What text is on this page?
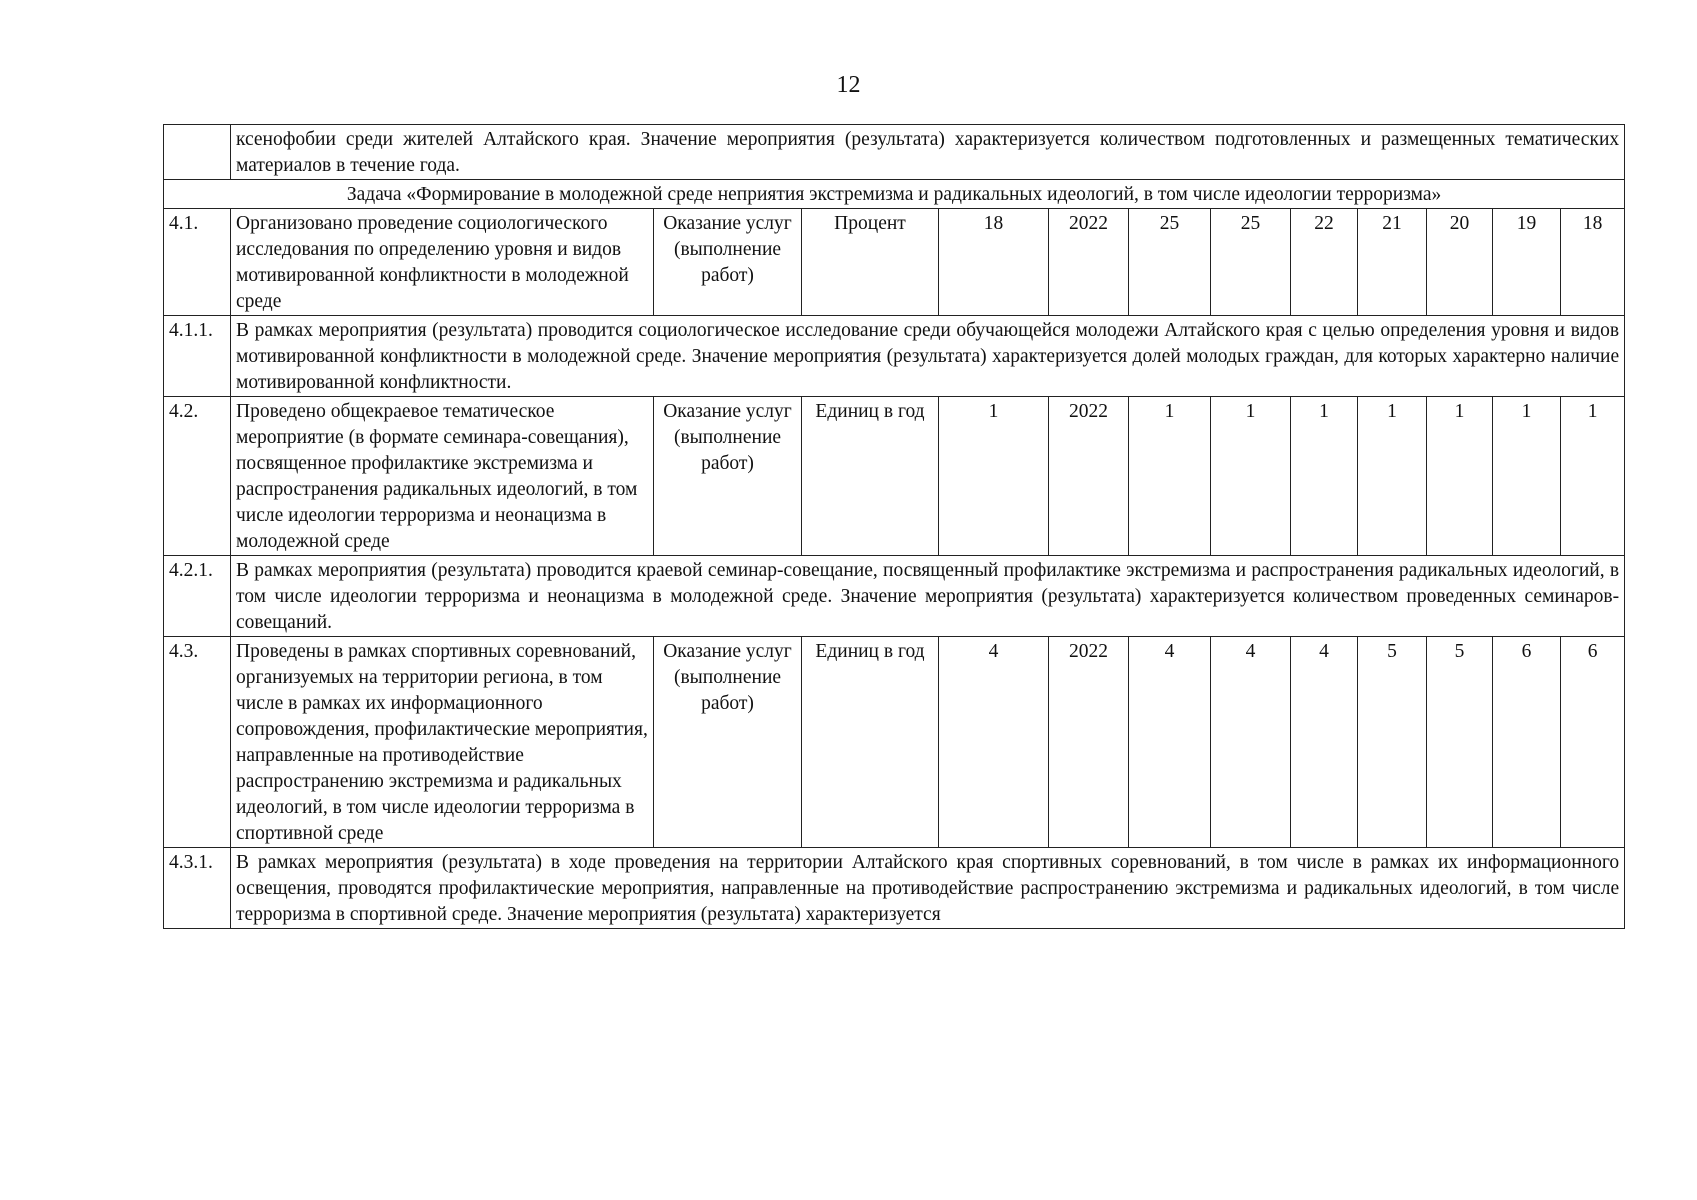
12
	ксенофобии среди жителей Алтайского края. Значение мероприятия (результата) характеризуется количеством подготовленных и размещенных тематических материалов в течение года.											
Задача «Формирование в молодежной среде неприятия экстремизма и радикальных идеологий, в том числе идеологии терроризма»												
4.1.	Организовано проведение социологического исследования по определению уровня и видов мотивированной конфликтности в молодежной среде	Оказание услуг (выполнение работ)	Процент	18	2022	25	25	22	21	20	19	18
4.1.1.	В рамках мероприятия (результата) проводится социологическое исследование среди обучающейся молодежи Алтайского края с целью определения уровня и видов мотивированной конфликтности в молодежной среде. Значение мероприятия (результата) характеризуется долей молодых граждан, для которых характерно наличие мотивированной конфликтности.											
4.2.	Проведено общекраевое тематическое мероприятие (в формате семинара-совещания), посвященное профилактике экстремизма и распространения радикальных идеологий, в том числе идеологии терроризма и неонацизма в молодежной среде	Оказание услуг (выполнение работ)	Единиц в год	1	2022	1	1	1	1	1	1	1
4.2.1.	В рамках мероприятия (результата) проводится краевой семинар-совещание, посвященный профилактике экстремизма и распространения радикальных идеологий, в том числе идеологии терроризма и неонацизма в молодежной среде. Значение мероприятия (результата) характеризуется количеством проведенных семинаров-совещаний.											
4.3.	Проведены в рамках спортивных соревнований, организуемых на территории региона, в том числе в рамках их информационного сопровождения, профилактические мероприятия, направленные на противодействие распространению экстремизма и радикальных идеологий, в том числе идеологии терроризма в спортивной среде	Оказание услуг (выполнение работ)	Единиц в год	4	2022	4	4	4	5	5	6	6
4.3.1.	В рамках мероприятия (результата) в ходе проведения на территории Алтайского края спортивных соревнований, в том числе в рамках их информационного освещения, проводятся профилактические мероприятия, направленные на противодействие распространению экстремизма и радикальных идеологий, в том числе терроризма в спортивной среде. Значение мероприятия (результата) характеризуется											
